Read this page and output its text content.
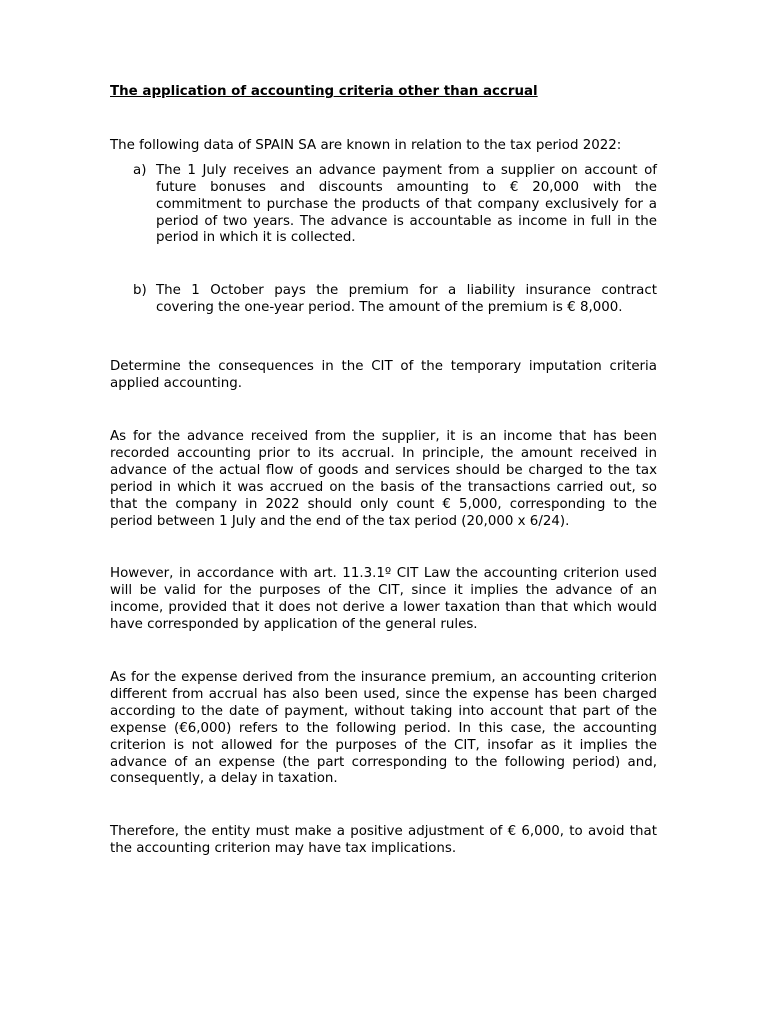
The application of accounting criteria other than accrual

The following data of SPAIN SA are known in relation to the tax period 2022:

a) The 1 July receives an advance payment from a supplier on account of future bonuses and discounts amounting to € 20,000 with the commitment to purchase the products of that company exclusively for a period of two years. The advance is accountable as income in full in the period in which it is collected.
b) The 1 October pays the premium for a liability insurance contract covering the one-year period. The amount of the premium is € 8,000.

Determine the consequences in the CIT of the temporary imputation criteria applied accounting.

As for the advance received from the supplier, it is an income that has been recorded accounting prior to its accrual. In principle, the amount received in advance of the actual flow of goods and services should be charged to the tax period in which it was accrued on the basis of the transactions carried out, so that the company in 2022 should only count € 5,000, corresponding to the period between 1 July and the end of the tax period (20,000 x 6/24).

However, in accordance with art. 11.3.1º CIT Law the accounting criterion used will be valid for the purposes of the CIT, since it implies the advance of an income, provided that it does not derive a lower taxation than that which would have corresponded by application of the general rules.

As for the expense derived from the insurance premium, an accounting criterion different from accrual has also been used, since the expense has been charged according to the date of payment, without taking into account that part of the expense (€6,000) refers to the following period. In this case, the accounting criterion is not allowed for the purposes of the CIT, insofar as it implies the advance of an expense (the part corresponding to the following period) and, consequently, a delay in taxation.

Therefore, the entity must make a positive adjustment of € 6,000, to avoid that the accounting criterion may have tax implications.
